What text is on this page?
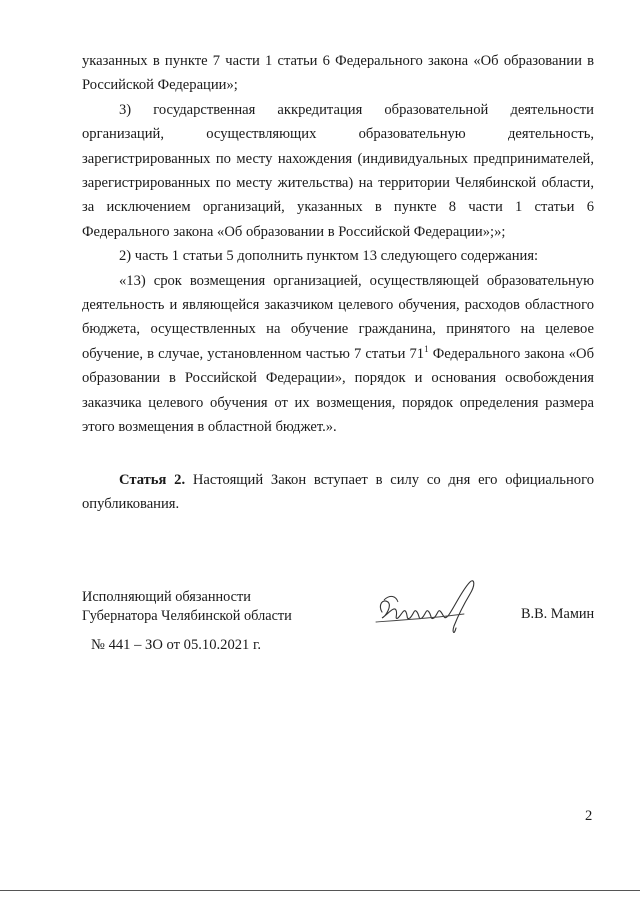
указанных в пункте 7 части 1 статьи 6 Федерального закона «Об образовании в Российской Федерации»;

3) государственная аккредитация образовательной деятельности организаций, осуществляющих образовательную деятельность, зарегистрированных по месту нахождения (индивидуальных предпринимателей, зарегистрированных по месту жительства) на территории Челябинской области, за исключением организаций, указанных в пункте 8 части 1 статьи 6 Федерального закона «Об образовании в Российской Федерации»;»;

2) часть 1 статьи 5 дополнить пунктом 13 следующего содержания:

«13) срок возмещения организацией, осуществляющей образовательную деятельность и являющейся заказчиком целевого обучения, расходов областного бюджета, осуществленных на обучение гражданина, принятого на целевое обучение, в случае, установленном частью 7 статьи $71^1$ Федерального закона «Об образовании в Российской Федерации», порядок и основания освобождения заказчика целевого обучения от их возмещения, порядок определения размера этого возмещения в областной бюджет.».

Статья 2. Настоящий Закон вступает в силу со дня его официального опубликования.

Исполняющий обязанности
Губернатора Челябинской области	В.В. Мамин
№ 441 – ЗО от 05.10.2021 г.
2
